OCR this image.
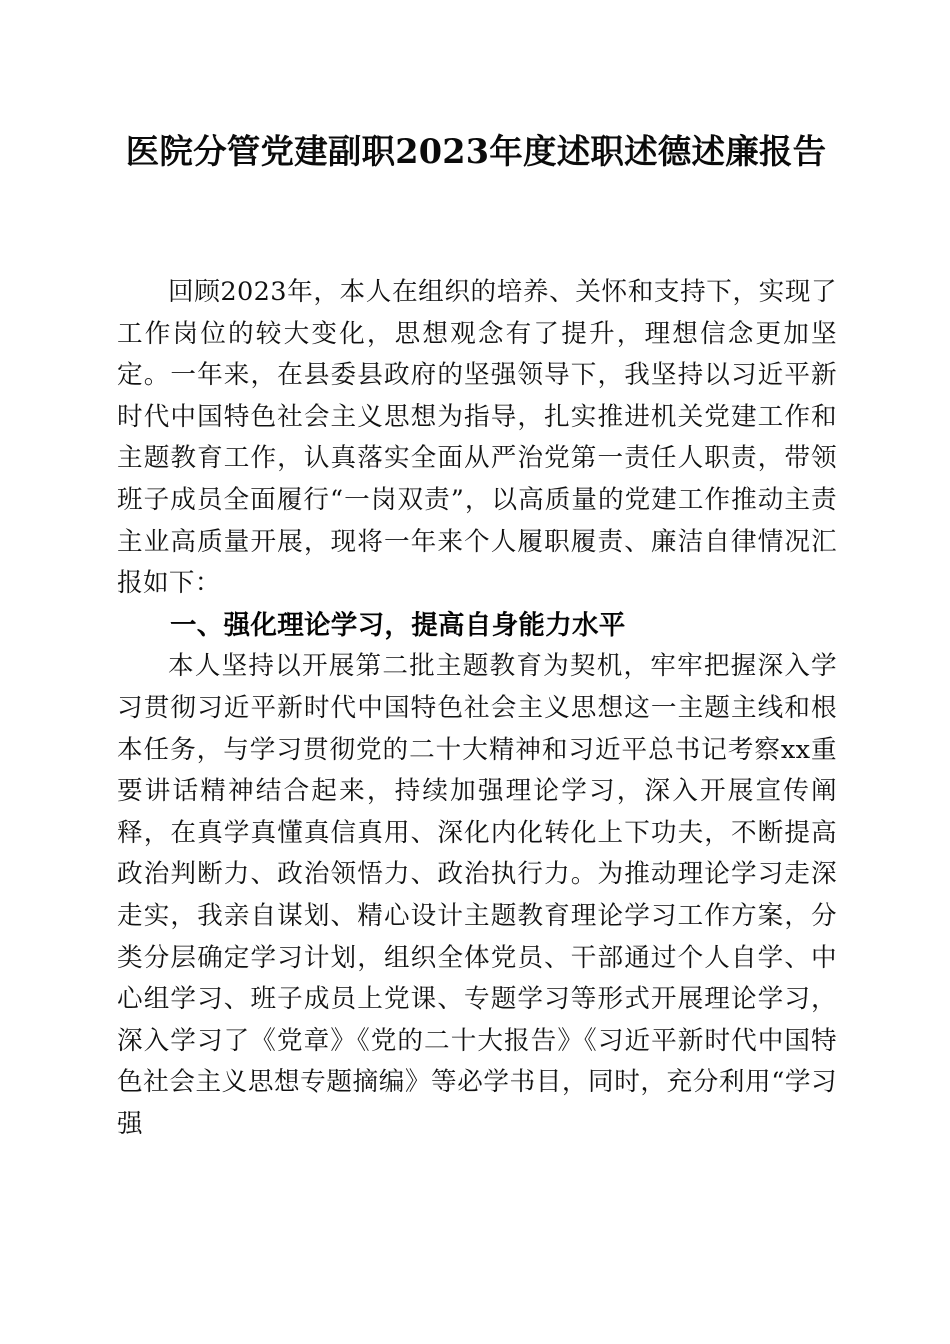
医院分管党建副职2023年度述职述德述廉报告

回顾2023年，本人在组织的培养、关怀和支持下，实现了工作岗位的较大变化，思想观念有了提升，理想信念更加坚定。一年来，在县委县政府的坚强领导下，我坚持以习近平新时代中国特色社会主义思想为指导，扎实推进机关党建工作和主题教育工作，认真落实全面从严治党第一责任人职责，带领班子成员全面履行“一岗双责”，以高质量的党建工作推动主责主业高质量开展，现将一年来个人履职履责、廉洁自律情况汇报如下：

一、强化理论学习，提高自身能力水平

本人坚持以开展第二批主题教育为契机，牢牢把握深入学习贯彻习近平新时代中国特色社会主义思想这一主题主线和根本任务，与学习贯彻党的二十大精神和习近平总书记考察xx重要讲话精神结合起来，持续加强理论学习，深入开展宣传阐释，在真学真懂真信真用、深化内化转化上下功夫，不断提高政治判断力、政治领悟力、政治执行力。为推动理论学习走深走实，我亲自谋划、精心设计主题教育理论学习工作方案，分类分层确定学习计划，组织全体党员、干部通过个人自学、中心组学习、班子成员上党课、专题学习等形式开展理论学习，深入学习了《党章》《党的二十大报告》《习近平新时代中国特色社会主义思想专题摘编》等必学书目，同时，充分利用“学习强
